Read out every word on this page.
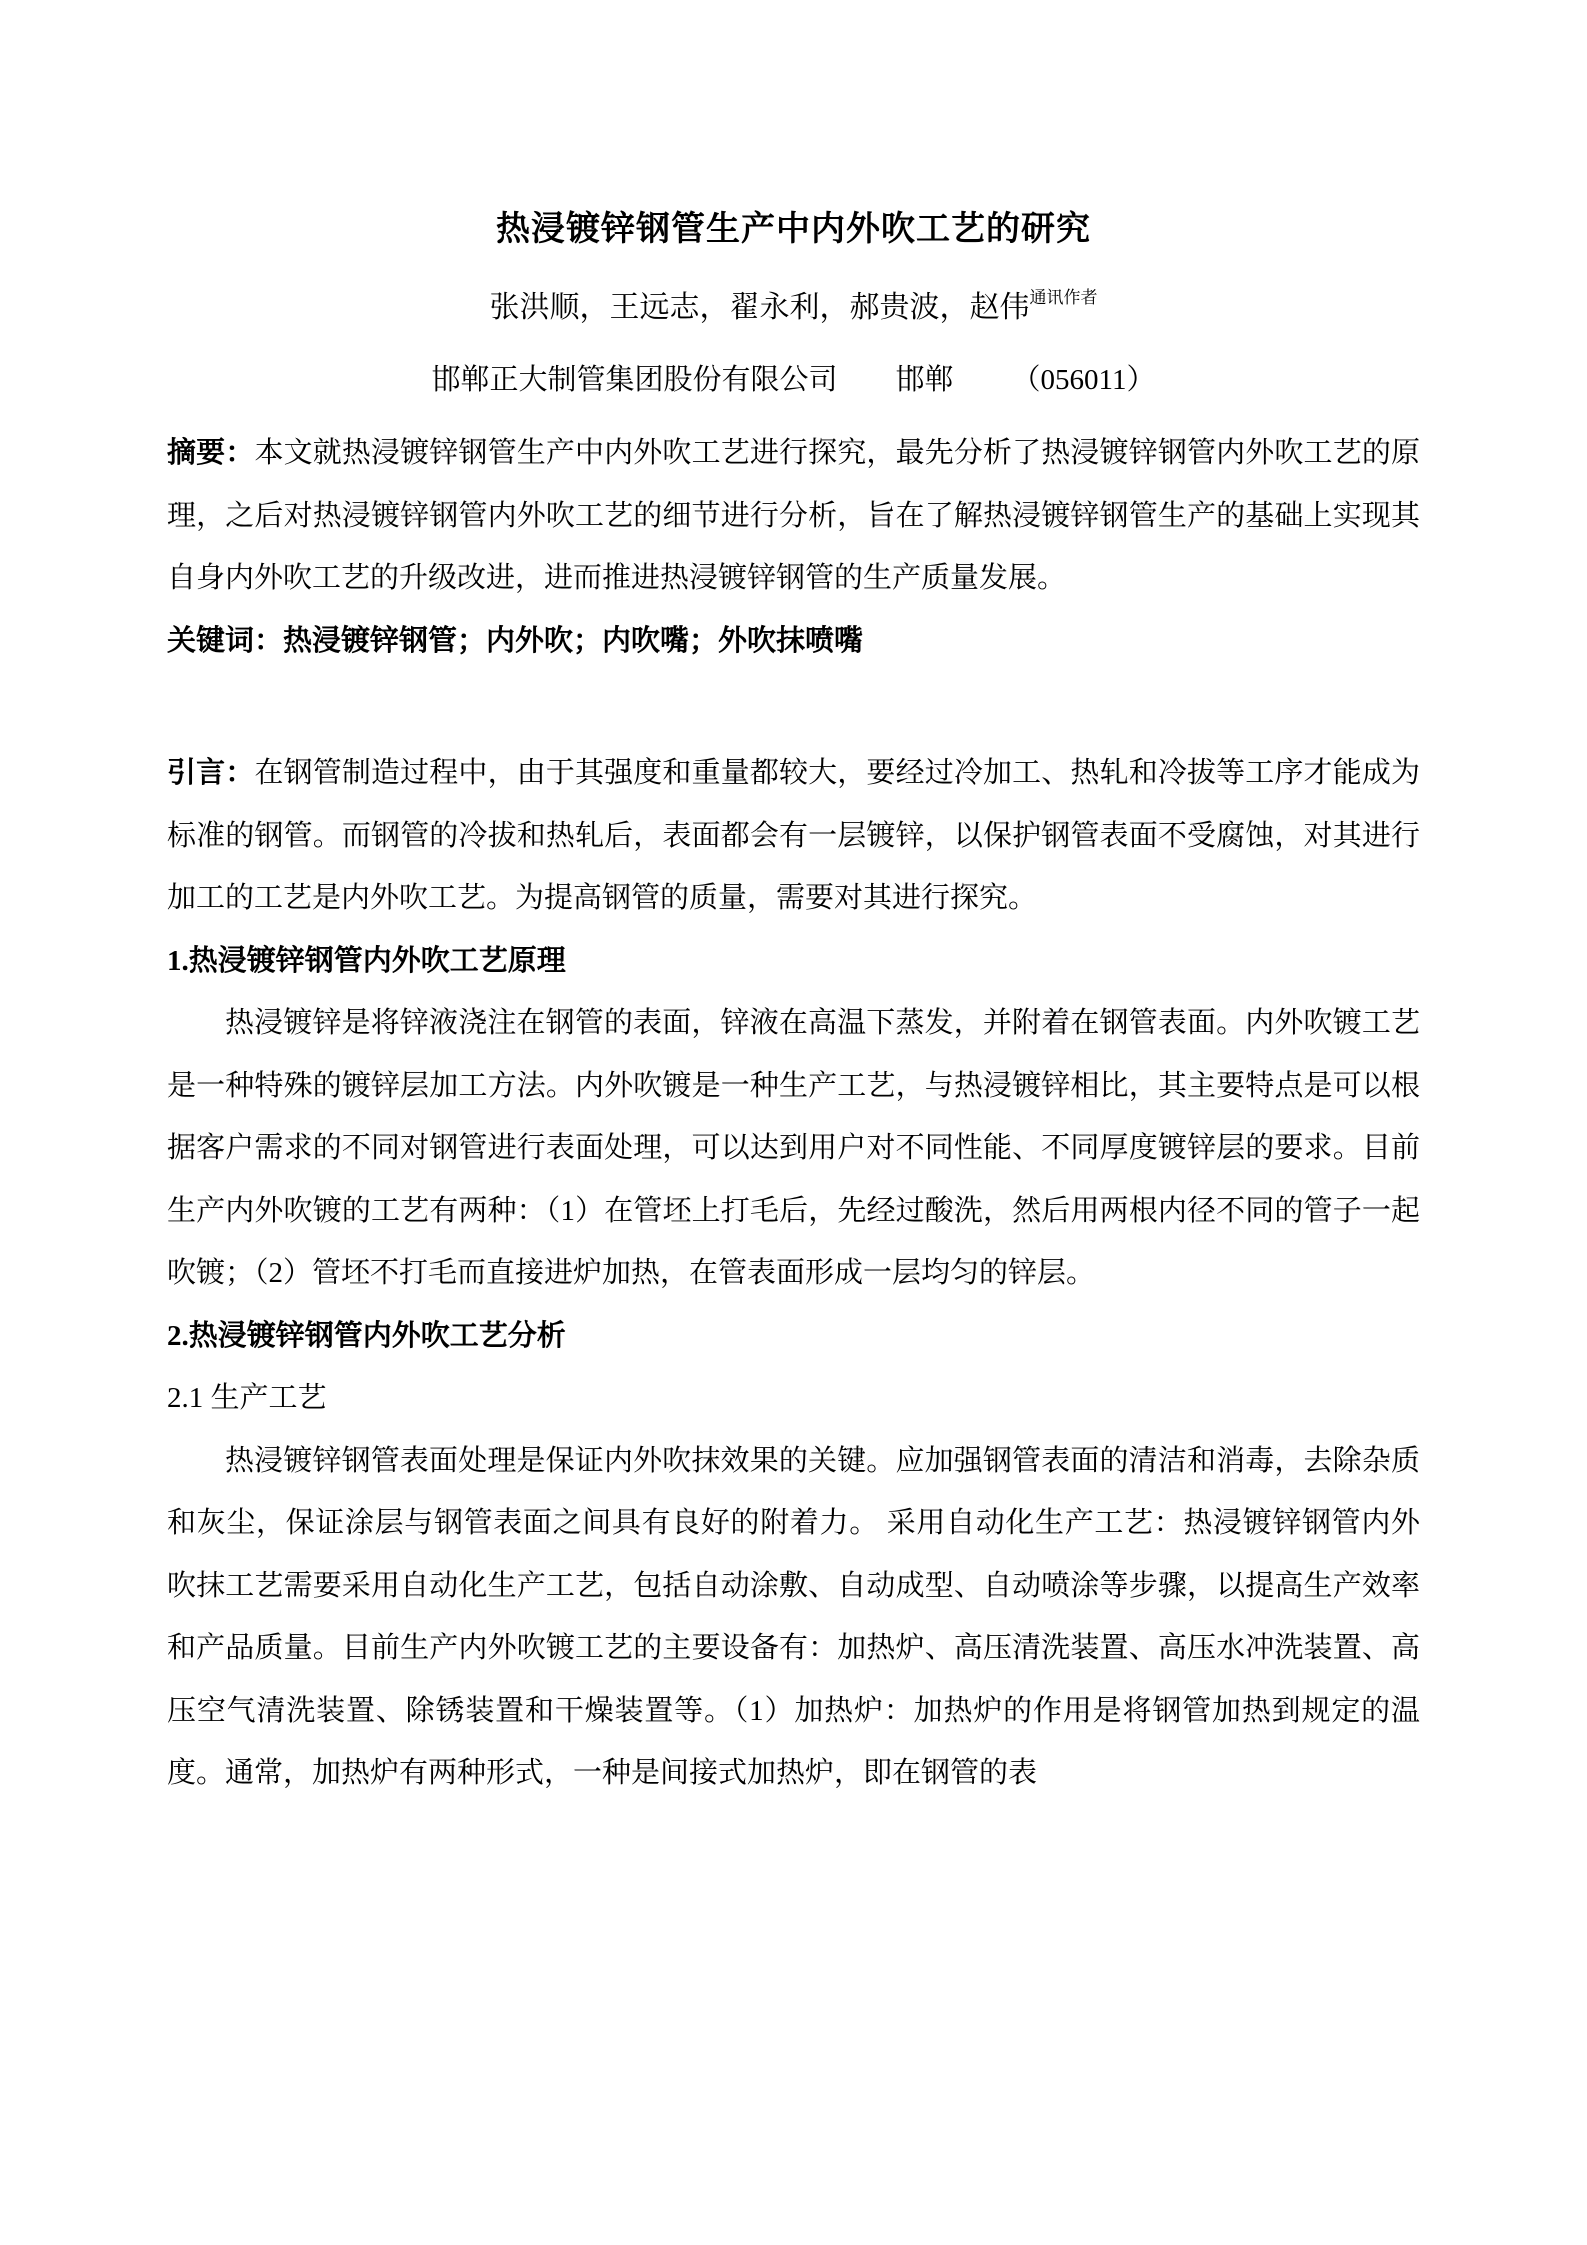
热浸镀锌钢管生产中内外吹工艺的研究
张洪顺，王远志，翟永利，郝贵波，赵伟$^{通讯作者}$
邯郸正大制管集团股份有限公司 邯郸 （056011）

摘要：本文就热浸镀锌钢管生产中内外吹工艺进行探究，最先分析了热浸镀锌钢管内外吹工艺的原理，之后对热浸镀锌钢管内外吹工艺的细节进行分析，旨在了解热浸镀锌钢管生产的基础上实现其自身内外吹工艺的升级改进，进而推进热浸镀锌钢管的生产质量发展。

关键词：热浸镀锌钢管；内外吹；内吹嘴；外吹抹喷嘴

引言：在钢管制造过程中，由于其强度和重量都较大，要经过冷加工、热轧和冷拔等工序才能成为标准的钢管。而钢管的冷拔和热轧后，表面都会有一层镀锌，以保护钢管表面不受腐蚀，对其进行加工的工艺是内外吹工艺。为提高钢管的质量，需要对其进行探究。

1.热浸镀锌钢管内外吹工艺原理

热浸镀锌是将锌液浇注在钢管的表面，锌液在高温下蒸发，并附着在钢管表面。内外吹镀工艺是一种特殊的镀锌层加工方法。内外吹镀是一种生产工艺，与热浸镀锌相比，其主要特点是可以根据客户需求的不同对钢管进行表面处理，可以达到用户对不同性能、不同厚度镀锌层的要求。目前生产内外吹镀的工艺有两种：（1）在管坯上打毛后，先经过酸洗，然后用两根内径不同的管子一起吹镀；（2）管坯不打毛而直接进炉加热，在管表面形成一层均匀的锌层。

2.热浸镀锌钢管内外吹工艺分析
2.1 生产工艺

热浸镀锌钢管表面处理是保证内外吹抹效果的关键。应加强钢管表面的清洁和消毒，去除杂质和灰尘，保证涂层与钢管表面之间具有良好的附着力。 采用自动化生产工艺：热浸镀锌钢管内外吹抹工艺需要采用自动化生产工艺，包括自动涂敷、自动成型、自动喷涂等步骤，以提高生产效率和产品质量。目前生产内外吹镀工艺的主要设备有：加热炉、高压清洗装置、高压水冲洗装置、高压空气清洗装置、除锈装置和干燥装置等。（1）加热炉：加热炉的作用是将钢管加热到规定的温度。通常，加热炉有两种形式，一种是间接式加热炉，即在钢管的表
